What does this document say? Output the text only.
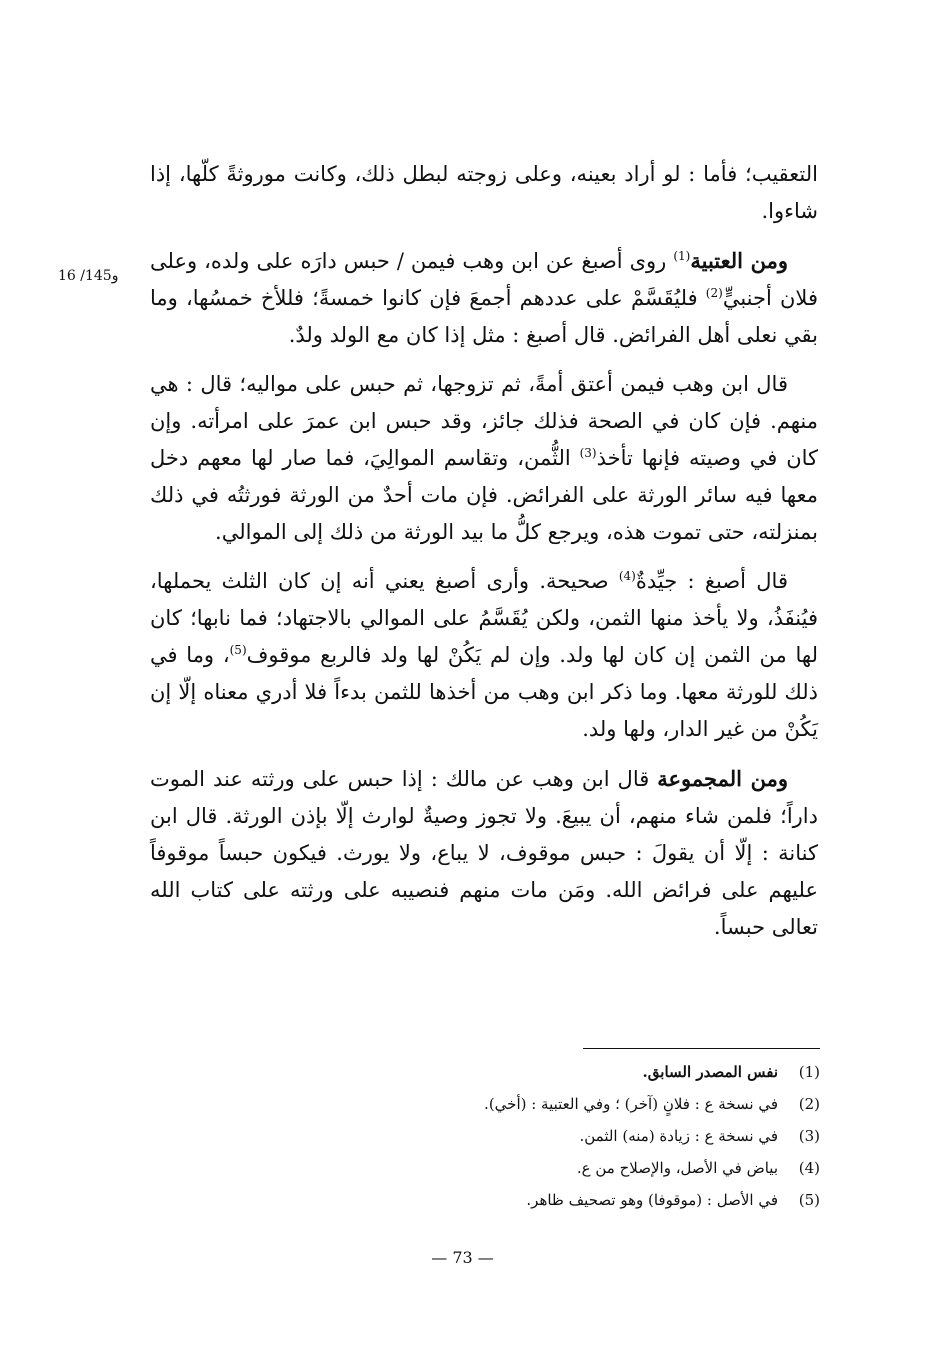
التعقيب؛ فأما : لو أراد بعينه، وعلى زوجته لبطل ذلك، وكانت موروثةً كلّها، إذا شاءوا.

ومن العتبية$^{(1)}$ روى أصبغ عن ابن وهب فيمن / حبس دارَه على ولده، وعلى فلان أجنبيٍّ$^{(2)}$ فليُقَسَّمْ على عددهم أجمعَ فإن كانوا خمسةً؛ فللأخ خمسُها، وما بقي نعلى أهل الفرائض. قال أصبغ : مثل إذا كان مع الولد ولدٌ.

قال ابن وهب فيمن أعتق أمةً، ثم تزوجها، ثم حبس على مواليه؛ قال : هي منهم. فإن كان في الصحة فذلك جائز، وقد حبس ابن عمرَ على امرأته. وإن كان في وصيته فإنها تأخذ$^{(3)}$ الثُّمن، وتقاسم الموالِيَ، فما صار لها معهم دخل معها فيه سائر الورثة على الفرائض. فإن مات أحدٌ من الورثة فورثتُه في ذلك بمنزلته، حتى تموت هذه، ويرجع كلُّ ما بيد الورثة من ذلك إلى الموالي.

قال أصبغ : جيِّدةٌ$^{(4)}$ صحيحة. وأرى أصبغ يعني أنه إن كان الثلث يحملها، فيُنفَذُ، ولا يأخذ منها الثمن، ولكن يُقَسَّمُ على الموالي بالاجتهاد؛ فما نابها؛ كان لها من الثمن إن كان لها ولد. وإن لم يَكُنْ لها ولد فالربع موقوف$^{(5)}$، وما في ذلك للورثة معها. وما ذكر ابن وهب من أخذها للثمن بدءاً فلا أدري معناه إلّا إن يَكُنْ من غير الدار، ولها ولد.

ومن المجموعة قال ابن وهب عن مالك : إذا حبس على ورثته عند الموت داراً؛ فلمن شاء منهم، أن يبيعَ. ولا تجوز وصيةٌ لوارث إلّا بإذن الورثة. قال ابن كنانة : إلّا أن يقولَ : حبس موقوف، لا يباع، ولا يورث. فيكون حبساً موقوفاً عليهم على فرائض الله. ومَن مات منهم فنصيبه على ورثته على كتاب الله تعالى حبساً.

16 /145و
(1)
نفس المصدر السابق.
(2)
في نسخة ع : فلانٍ (آخر) ؛ وفي العتبية : (أخي).
(3)
في نسخة ع : زيادة (منه) الثمن.
(4)
بياض في الأصل، والإصلاح من ع.
(5)
في الأصل : (موقوفا) وهو تصحيف ظاهر.
— 73 —
